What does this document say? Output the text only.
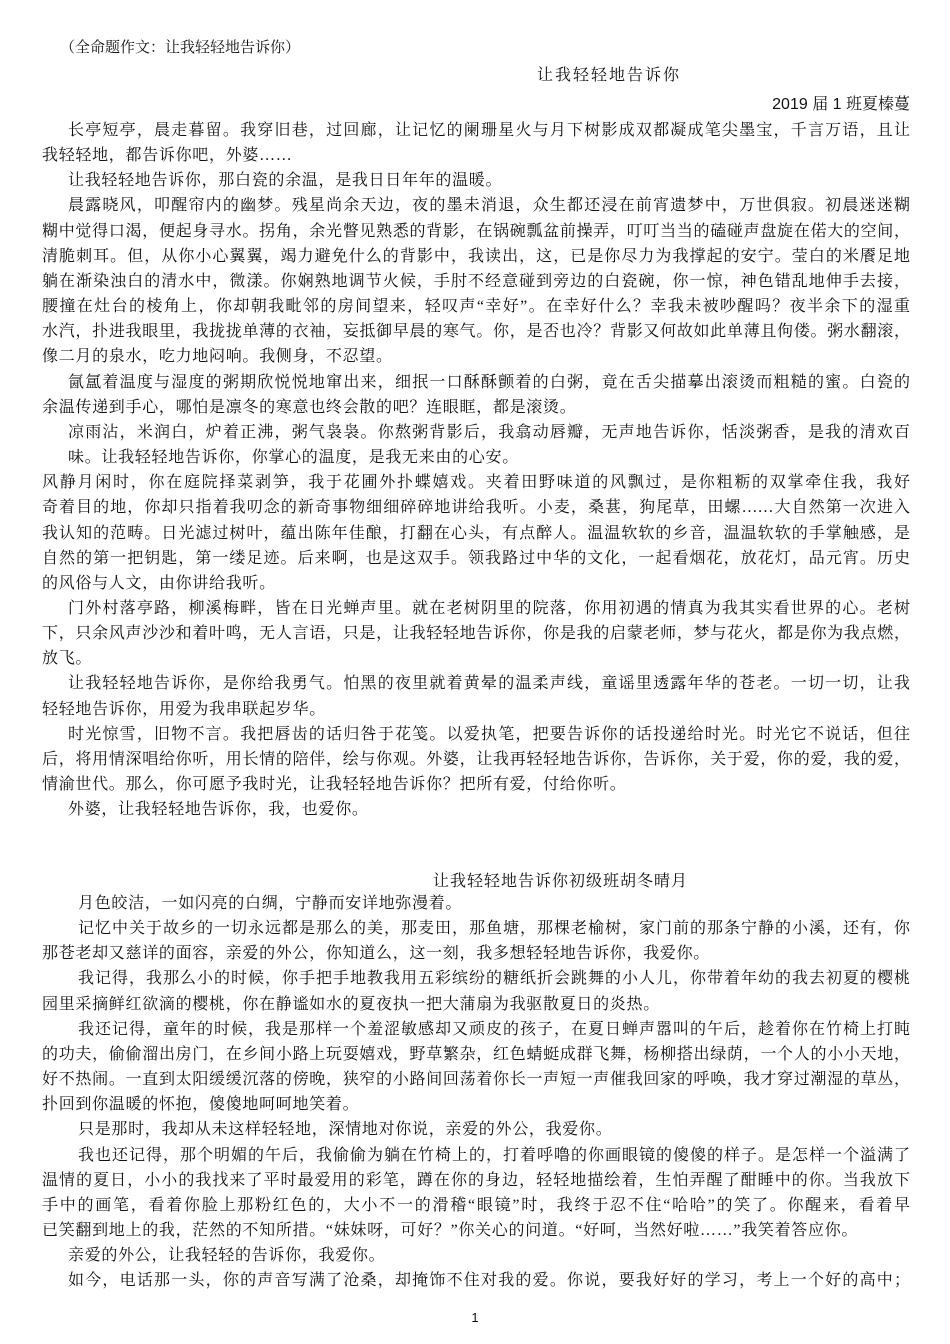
（全命题作文：让我轻轻地告诉你）
让我轻轻地告诉你
2019 届 1 班夏榛蔓
长亭短亭，晨走暮留。我穿旧巷，过回廊，让记忆的阑珊星火与月下树影成双都凝成笔尖墨宝，千言万语，且让
我轻轻地，都告诉你吧，外婆……
让我轻轻地告诉你，那白瓷的余温，是我日日年年的温暖。
晨露晓风，叩醒帘内的幽梦。残星尚余天边，夜的墨未消退，众生都还浸在前宵遗梦中，万世俱寂。初晨迷迷糊
糊中觉得口渴，便起身寻水。拐角，余光瞥见熟悉的背影，在锅碗瓢盆前操弄，叮叮当当的磕碰声盘旋在偌大的空间，
清脆刺耳。但，从你小心翼翼，竭力避免什么的背影中，我读出，这，已是你尽力为我撑起的安宁。莹白的米餍足地
躺在渐染浊白的清水中，微漾。你娴熟地调节火候，手肘不经意碰到旁边的白瓷碗，你一惊，神色错乱地伸手去接，
腰撞在灶台的棱角上，你却朝我毗邻的房间望来，轻叹声“幸好”。在幸好什么？幸我未被吵醒吗？夜半余下的湿重
水汽，扑进我眼里，我拢拢单薄的衣袖，妄抵御早晨的寒气。你，是否也冷？背影又何故如此单薄且佝偻。粥水翻滚，
像二月的泉水，吃力地闷响。我侧身，不忍望。
氤氲着温度与湿度的粥期欣悦悦地窜出来，细抿一口酥酥颤着的白粥，竟在舌尖描摹出滚烫而粗糙的蜜。白瓷的
余温传递到手心，哪怕是凛冬的寒意也终会散的吧？连眼眶，都是滚烫。
凉雨沾，米润白，炉着正沸，粥气袅袅。你熬粥背影后，我翕动唇瓣，无声地告诉你，恬淡粥香，是我的清欢百
味。让我轻轻地告诉你，你掌心的温度，是我无来由的心安。
风静月闲时，你在庭院择菜剥笋，我于花圃外扑蝶嬉戏。夹着田野味道的风飘过，是你粗粝的双掌牵住我，我好
奇着目的地，你却只指着我叨念的新奇事物细细碎碎地讲给我听。小麦，桑葚，狗尾草，田螺……大自然第一次进入
我认知的范畴。日光滤过树叶，蕴出陈年佳酿，打翻在心头，有点醉人。温温软软的乡音，温温软软的手掌触感，是
自然的第一把钥匙，第一缕足迹。后来啊，也是这双手。领我路过中华的文化，一起看烟花，放花灯，品元宵。历史
的风俗与人文，由你讲给我听。
门外村落亭路，柳溪梅畔，皆在日光蝉声里。就在老树阴里的院落，你用初遇的情真为我其实看世界的心。老树
下，只余风声沙沙和着叶鸣，无人言语，只是，让我轻轻地告诉你，你是我的启蒙老师，梦与花火，都是你为我点燃，
放飞。
让我轻轻地告诉你，是你给我勇气。怕黑的夜里就着黄晕的温柔声线，童谣里透露年华的苍老。一切一切，让我
轻轻地告诉你，用爱为我串联起岁华。
时光惊雪，旧物不言。我把唇齿的话归咎于花笺。以爱执笔，把要告诉你的话投递给时光。时光它不说话，但往
后，将用情深唱给你听，用长情的陪伴，绘与你观。外婆，让我再轻轻地告诉你，告诉你，关于爱，你的爱，我的爱，
情渝世代。那么，你可愿予我时光，让我轻轻地告诉你？把所有爱，付给你听。
外婆，让我轻轻地告诉你，我，也爱你。
让我轻轻地告诉你初级班胡冬晴月
月色皎洁，一如闪亮的白绸，宁静而安详地弥漫着。
记忆中关于故乡的一切永远都是那么的美，那麦田，那鱼塘，那棵老榆树，家门前的那条宁静的小溪，还有，你
那苍老却又慈详的面容，亲爱的外公，你知道么，这一刻，我多想轻轻地告诉你，我爱你。
我记得，我那么小的时候，你手把手地教我用五彩缤纷的糖纸折会跳舞的小人儿，你带着年幼的我去初夏的樱桃
园里采摘鲜红欲滴的樱桃，你在静谧如水的夏夜执一把大蒲扇为我驱散夏日的炎热。
我还记得，童年的时候，我是那样一个羞涩敏感却又顽皮的孩子，在夏日蝉声嚣叫的午后，趁着你在竹椅上打盹
的功夫，偷偷溜出房门，在乡间小路上玩耍嬉戏，野草繁杂，红色蜻蜓成群飞舞，杨柳搭出绿荫，一个人的小小天地，
好不热闹。一直到太阳缓缓沉落的傍晚，狭窄的小路间回荡着你长一声短一声催我回家的呼唤，我才穿过潮湿的草丛，
扑回到你温暖的怀抱，傻傻地呵呵地笑着。
只是那时，我却从未这样轻轻地，深情地对你说，亲爱的外公，我爱你。
我也还记得，那个明媚的午后，我偷偷为躺在竹椅上的，打着呼噜的你画眼镜的傻傻的样子。是怎样一个溢满了
温情的夏日，小小的我找来了平时最爱用的彩笔，蹲在你的身边，轻轻地描绘着，生怕弄醒了酣睡中的你。当我放下
手中的画笔，看着你脸上那粉红色的，大小不一的滑稽“眼镜”时，我终于忍不住“哈哈”的笑了。你醒来，看着早
已笑翻到地上的我，茫然的不知所措。“妹妹呀，可好？”你关心的问道。“好呵，当然好啦……”我笑着答应你。
亲爱的外公，让我轻轻的告诉你，我爱你。
如今，电话那一头，你的声音写满了沧桑，却掩饰不住对我的爱。你说，要我好好的学习，考上一个好的高中；
1
